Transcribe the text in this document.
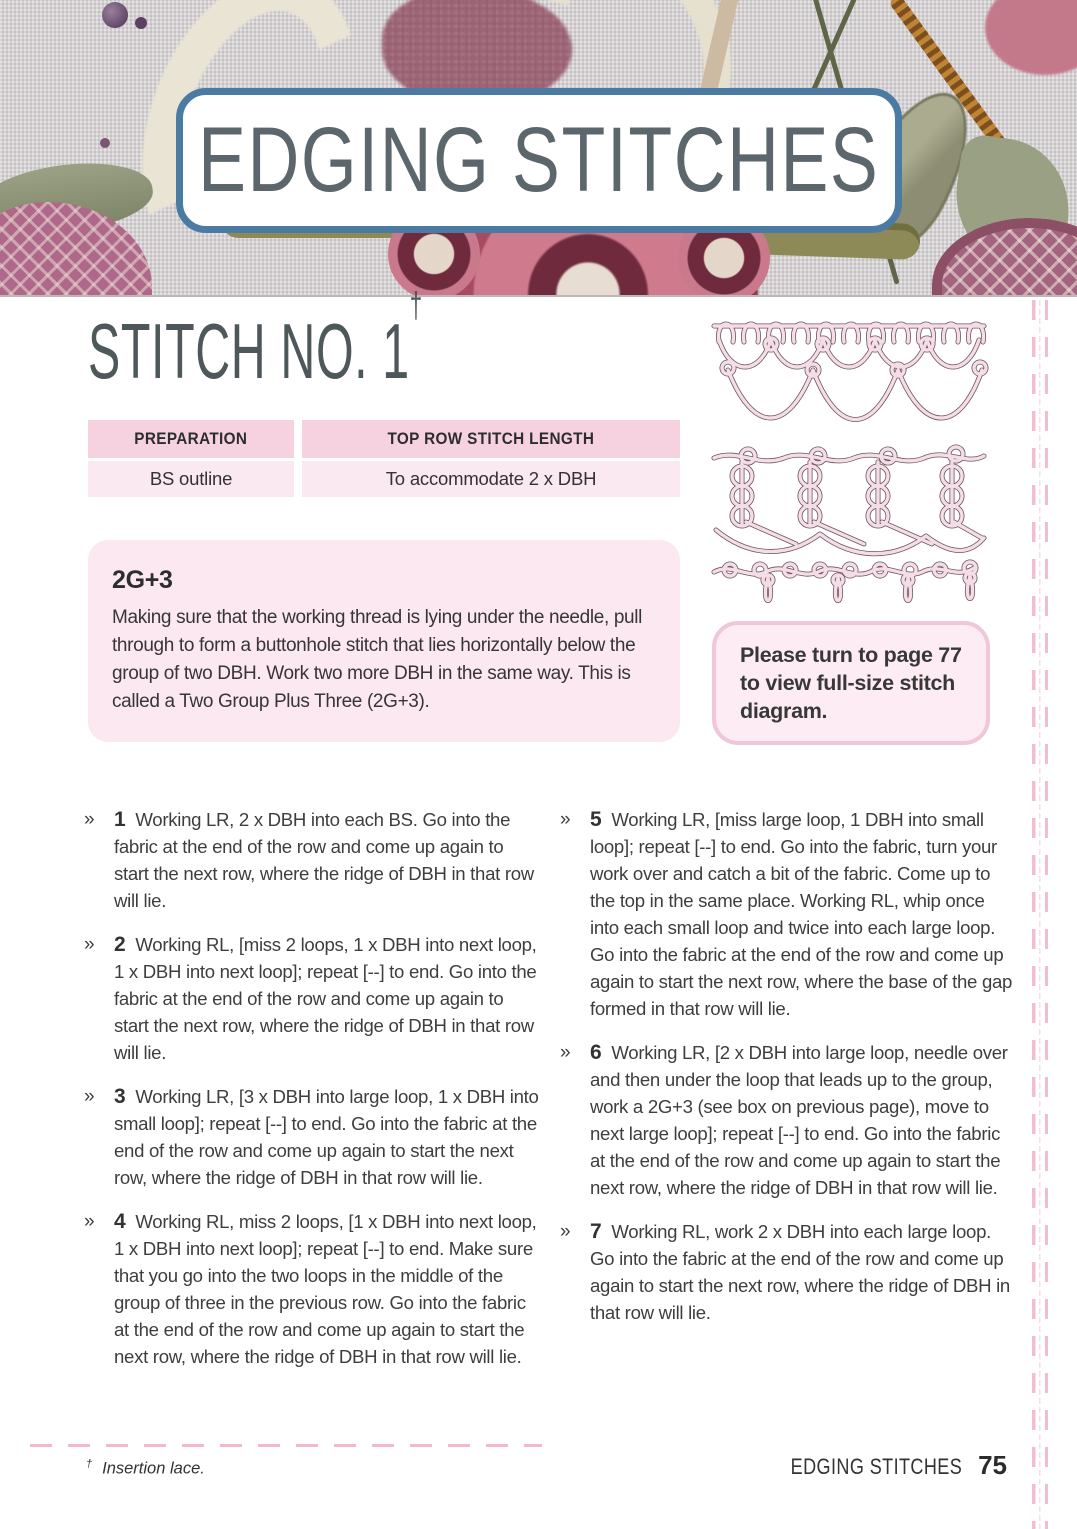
EDGING STITCHES
STITCH NO. 1†
PREPARATION	TOP ROW STITCH LENGTH
BS outline	To accommodate 2 x DBH
2G+3

Making sure that the working thread is lying under the needle, pull through to form a buttonhole stitch that lies horizontally below the group of two DBH. Work two more DBH in the same way. This is called a Two Group Plus Three (2G+3).

Please turn to page 77 to view full-size stitch diagram.

» 1 Working LR, 2 x DBH into each BS. Go into the fabric at the end of the row and come up again to start the next row, where the ridge of DBH in that row will lie.

» 2 Working RL, [miss 2 loops, 1 x DBH into next loop, 1 x DBH into next loop]; repeat [--] to end. Go into the fabric at the end of the row and come up again to start the next row, where the ridge of DBH in that row will lie.

» 3 Working LR, [3 x DBH into large loop, 1 x DBH into small loop]; repeat [--] to end. Go into the fabric at the end of the row and come up again to start the next row, where the ridge of DBH in that row will lie.

» 4 Working RL, miss 2 loops, [1 x DBH into next loop, 1 x DBH into next loop]; repeat [--] to end. Make sure that you go into the two loops in the middle of the group of three in the previous row. Go into the fabric at the end of the row and come up again to start the next row, where the ridge of DBH in that row will lie.

» 5 Working LR, [miss large loop, 1 DBH into small loop]; repeat [--] to end. Go into the fabric, turn your work over and catch a bit of the fabric. Come up to the top in the same place. Working RL, whip once into each small loop and twice into each large loop. Go into the fabric at the end of the row and come up again to start the next row, where the base of the gap formed in that row will lie.

» 6 Working LR, [2 x DBH into large loop, needle over and then under the loop that leads up to the group, work a 2G+3 (see box on previous page), move to next large loop]; repeat [--] to end. Go into the fabric at the end of the row and come up again to start the next row, where the ridge of DBH in that row will lie.

» 7 Working RL, work 2 x DBH into each large loop. Go into the fabric at the end of the row and come up again to start the next row, where the ridge of DBH in that row will lie.

† Insertion lace.	EDGING STITCHES 75
